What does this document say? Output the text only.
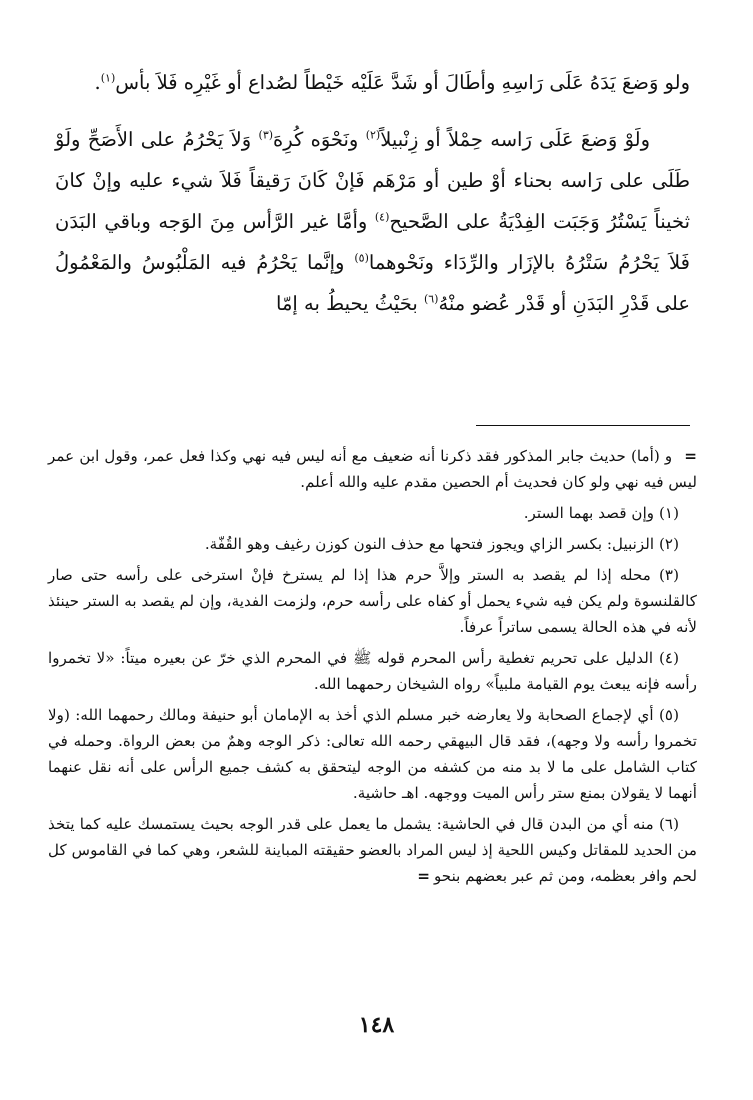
ولو وَضعَ يَدَهُ عَلَى رَاسِهِ وأطَالَ أو شَدَّ عَلَيْه خَيْطاً لصُداع أو غَيْرِه فَلاَ بأس$^{(١)}$.

ولَوْ وَضعَ عَلَى رَاسه حِمْلاً أو زِنْبيلاً$^{(٢)}$ ونَحْوَه كُرِهَ$^{(٣)}$ وَلاَ يَحْرُمُ على الأَصَحِّ ولَوْ طَلَى على رَاسه بحناء أوْ طين أو مَرْهَم فَإنْ كَانَ رَقيقاً فَلاَ شيء عليه وإنْ كانَ ثخيناً يَسْتُرُ وَجَبَت الفِدْيَةُ على الصَّحيح$^{(٤)}$ وأمَّا غير الرَّأس مِنَ الوَجه وباقي البَدَن فَلاَ يَحْرُمُ سَتْرُهُ بالإزَار والرِّدَاء ونَحْوهما$^{(٥)}$ وإنَّما يَحْرُمُ فيه المَلْبُوسُ والمَعْمُولُ على قَدْرِ البَدَنِ أو قَدْر عُضو منْهُ$^{(٦)}$ بحَيْثُ يحيطُ به إمّا

=و (أما) حديث جابر المذكور فقد ذكرنا أنه ضعيف مع أنه ليس فيه نهي وكذا فعل عمر، وقول ابن عمر ليس فيه نهي ولو كان فحديث أم الحصين مقدم عليه والله أعلم.

(١) وإن قصد بهما الستر.

(٢) الزنبيل: بكسر الزاي ويجوز فتحها مع حذف النون كوزن رغيف وهو القُفّة.

(٣) محله إذا لم يقصد به الستر وإلاَّ حرم هذا إذا لم يسترخ فإنْ استرخى على رأسه حتى صار كالقلنسوة ولم يكن فيه شيء يحمل أو كفاه على رأسه حرم، ولزمت الفدية، وإن لم يقصد به الستر حينئذ لأنه في هذه الحالة يسمى ساتراً عرفاً.

(٤) الدليل على تحريم تغطية رأس المحرم قوله ﷺ في المحرم الذي خرّ عن بعيره ميتاً: «لا تخمروا رأسه فإنه يبعث يوم القيامة ملبياً» رواه الشيخان رحمهما الله.

(٥) أي لإجماع الصحابة ولا يعارضه خبر مسلم الذي أخذ به الإمامان أبو حنيفة ومالك رحمهما الله: (ولا تخمروا رأسه ولا وجهه)، فقد قال البيهقي رحمه الله تعالى: ذكر الوجه وهمٌ من بعض الرواة. وحمله في كتاب الشامل على ما لا بد منه من كشفه من الوجه ليتحقق به كشف جميع الرأس على أنه نقل عنهما أنهما لا يقولان بمنع ستر رأس الميت ووجهه. اهـ حاشية.

(٦) منه أي من البدن قال في الحاشية: يشمل ما يعمل على قدر الوجه بحيث يستمسك عليه كما يتخذ من الحديد للمقاتل وكيس اللحية إذ ليس المراد بالعضو حقيقته المباينة للشعر، وهي كما في القاموس كل لحم وافر بعظمه، ومن ثم عبر بعضهم بنحو=

١٤٨
